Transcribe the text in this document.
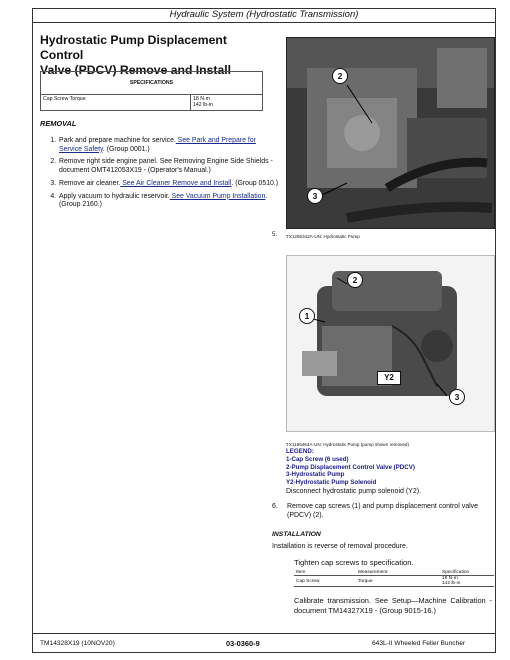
Hydraulic System (Hydrostatic Transmission)
Hydrostatic Pump Displacement Control
Valve (PDCV) Remove and Install
SPECIFICATIONS
Cap Screw Torque	18 N·m
142 lb-in
REMOVAL
1. Park and prepare machine for service. See Park and Prepare for Service Safety. (Group 0001.)
2. Remove right side engine panel. See Removing Engine Side Shields - document OMT412053X19 - (Operator's Manual.)
3. Remove air cleaner. See Air Cleaner Remove and Install. (Group 0510.)
4. Apply vacuum to hydraulic reservoir. See Vacuum Pump Installation. (Group 2160.)
2
3
5. TX1265342A-UN: Hydrostatic Pump
2
1
3
Y2
TX1195464A-UN: Hydrostatic Pump (pump shown removed)
LEGEND:
1-Cap Screw (6 used)
2-Pump Displacement Control Valve (PDCV)
3-Hydrostatic Pump
Y2-Hydrostatic Pump Solenoid
Disconnect hydrostatic pump solenoid (Y2).
6. Remove cap screws (1) and pump displacement control valve (PDCV) (2).
INSTALLATION
Installation is reverse of removal procedure.
Tighten cap screws to specification.
Item	Measurement	Specification
Cap Screw	Torque	18 N·m
142 lb-in
Calibrate transmission. See Setup—Machine Calibration - document TM14327X19 - (Group 9015-16.)
TM14328X19 (10NOV20)	03-0360-9	643L-II Wheeled Feller Buncher
